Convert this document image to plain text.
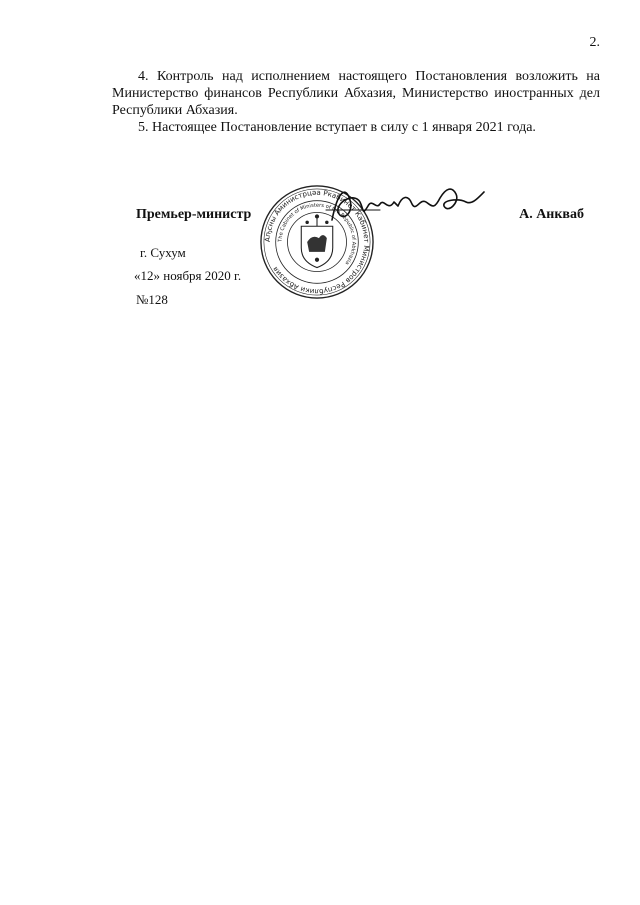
2.

4. Контроль над исполнением настоящего Постановления возложить на Министерство финансов Республики Абхазия, Министерство иностранных дел Республики Абхазия.

5. Настоящее Постановление вступает в силу с 1 января 2021 года.

Премьер-министр	А. Анкваб
Аҧсны Аминистрцәа Ркабинет Кабинет Министров Республики Абхазия
The Cabinet of Ministers of the Republic of Abkhazia
г. Сухум
«12» ноября 2020 г.
№128
